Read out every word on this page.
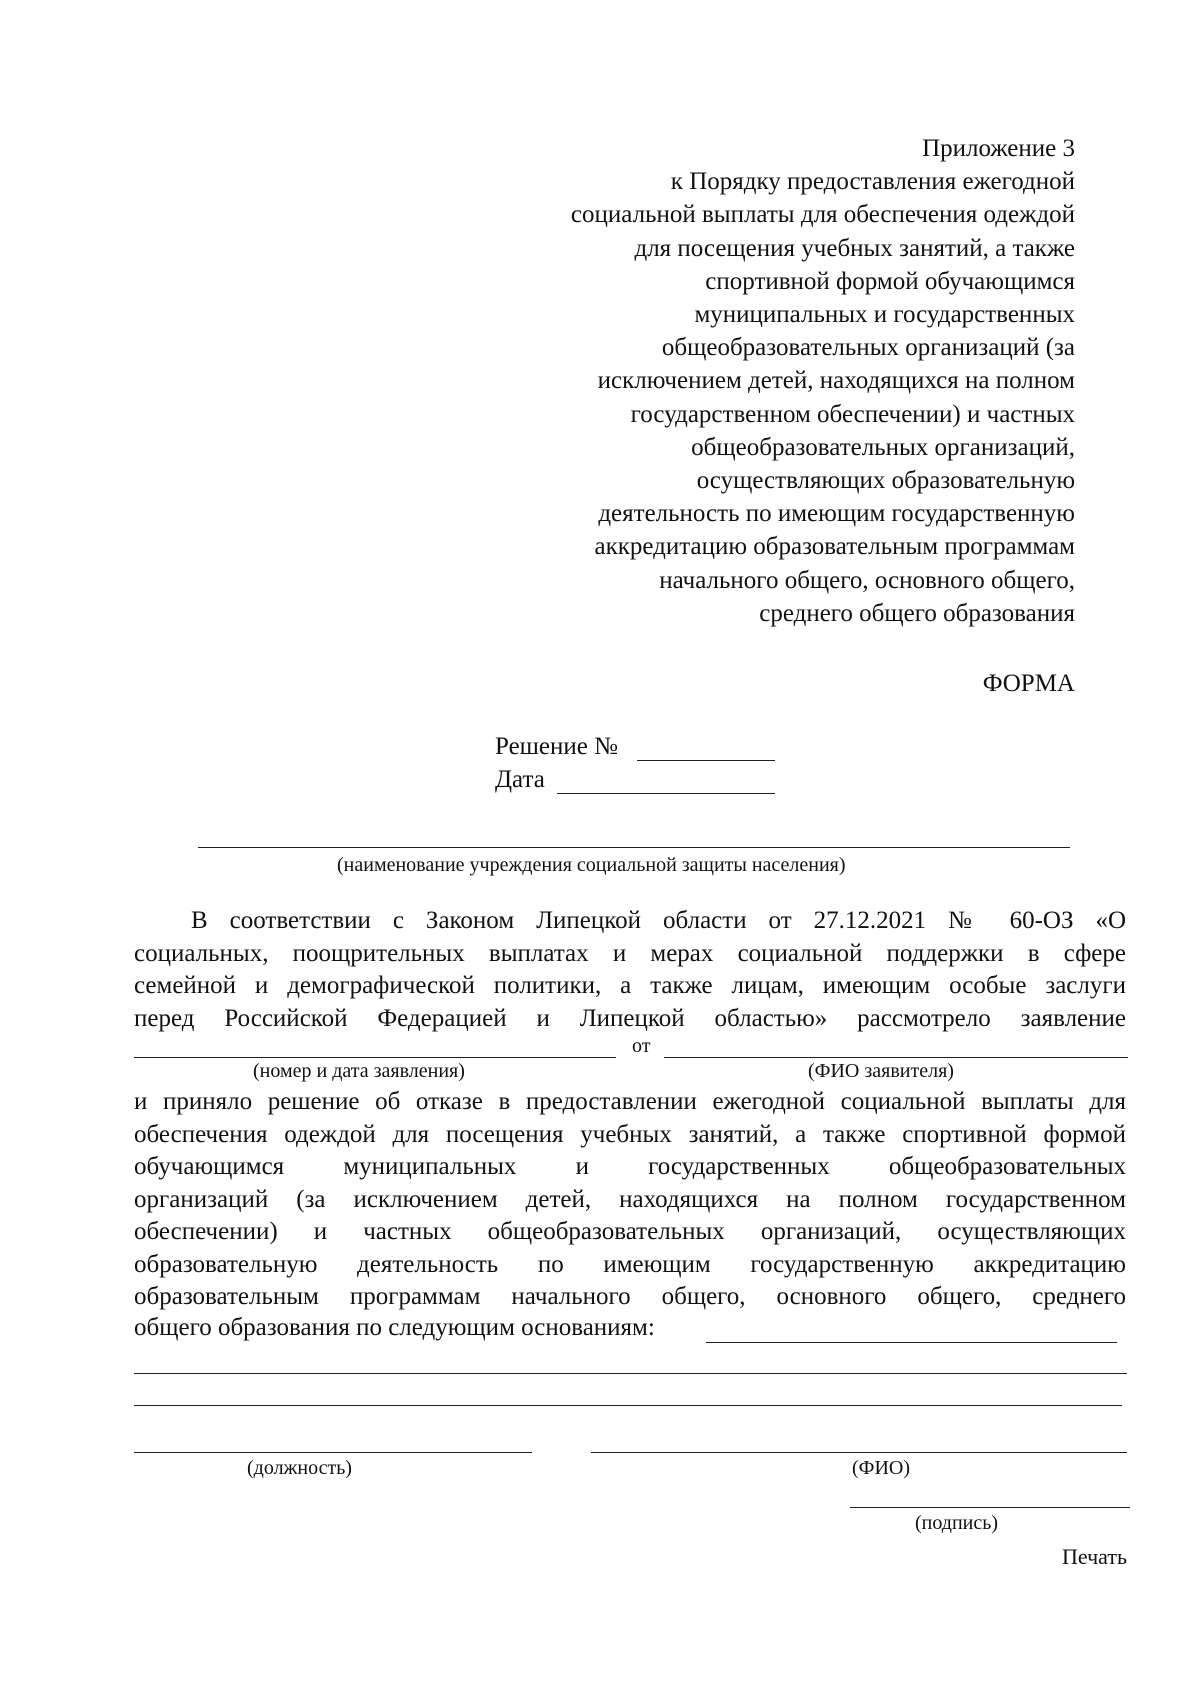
Приложение 3
к Порядку предоставления ежегодной
социальной выплаты для обеспечения одеждой
для посещения учебных занятий, а также
спортивной формой обучающимся
муниципальных и государственных
общеобразовательных организаций (за
исключением детей, находящихся на полном
государственном обеспечении) и частных
общеобразовательных организаций,
осуществляющих образовательную
деятельность по имеющим государственную
аккредитацию образовательным программам
начального общего, основного общего,
среднего общего образования
ФОРМА
Решение №
Дата
(наименование учреждения социальной защиты населения)
В соответствии с Законом Липецкой области от 27.12.2021 № 60-ОЗ «О
социальных, поощрительных выплатах и мерах социальной поддержки в сфере
семейной и демографической политики, а также лицам, имеющим особые заслуги
перед Российской Федерацией и Липецкой областью» рассмотрело заявление
от
(номер и дата заявления)	(ФИО заявителя)
и приняло решение об отказе в предоставлении ежегодной социальной выплаты для
обеспечения одеждой для посещения учебных занятий, а также спортивной формой
обучающимся муниципальных и государственных общеобразовательных
организаций (за исключением детей, находящихся на полном государственном
обеспечении) и частных общеобразовательных организаций, осуществляющих
образовательную деятельность по имеющим государственную аккредитацию
образовательным программам начального общего, основного общего, среднего
общего образования по следующим основаниям:
(должность)	(ФИО)
(подпись)
Печать
